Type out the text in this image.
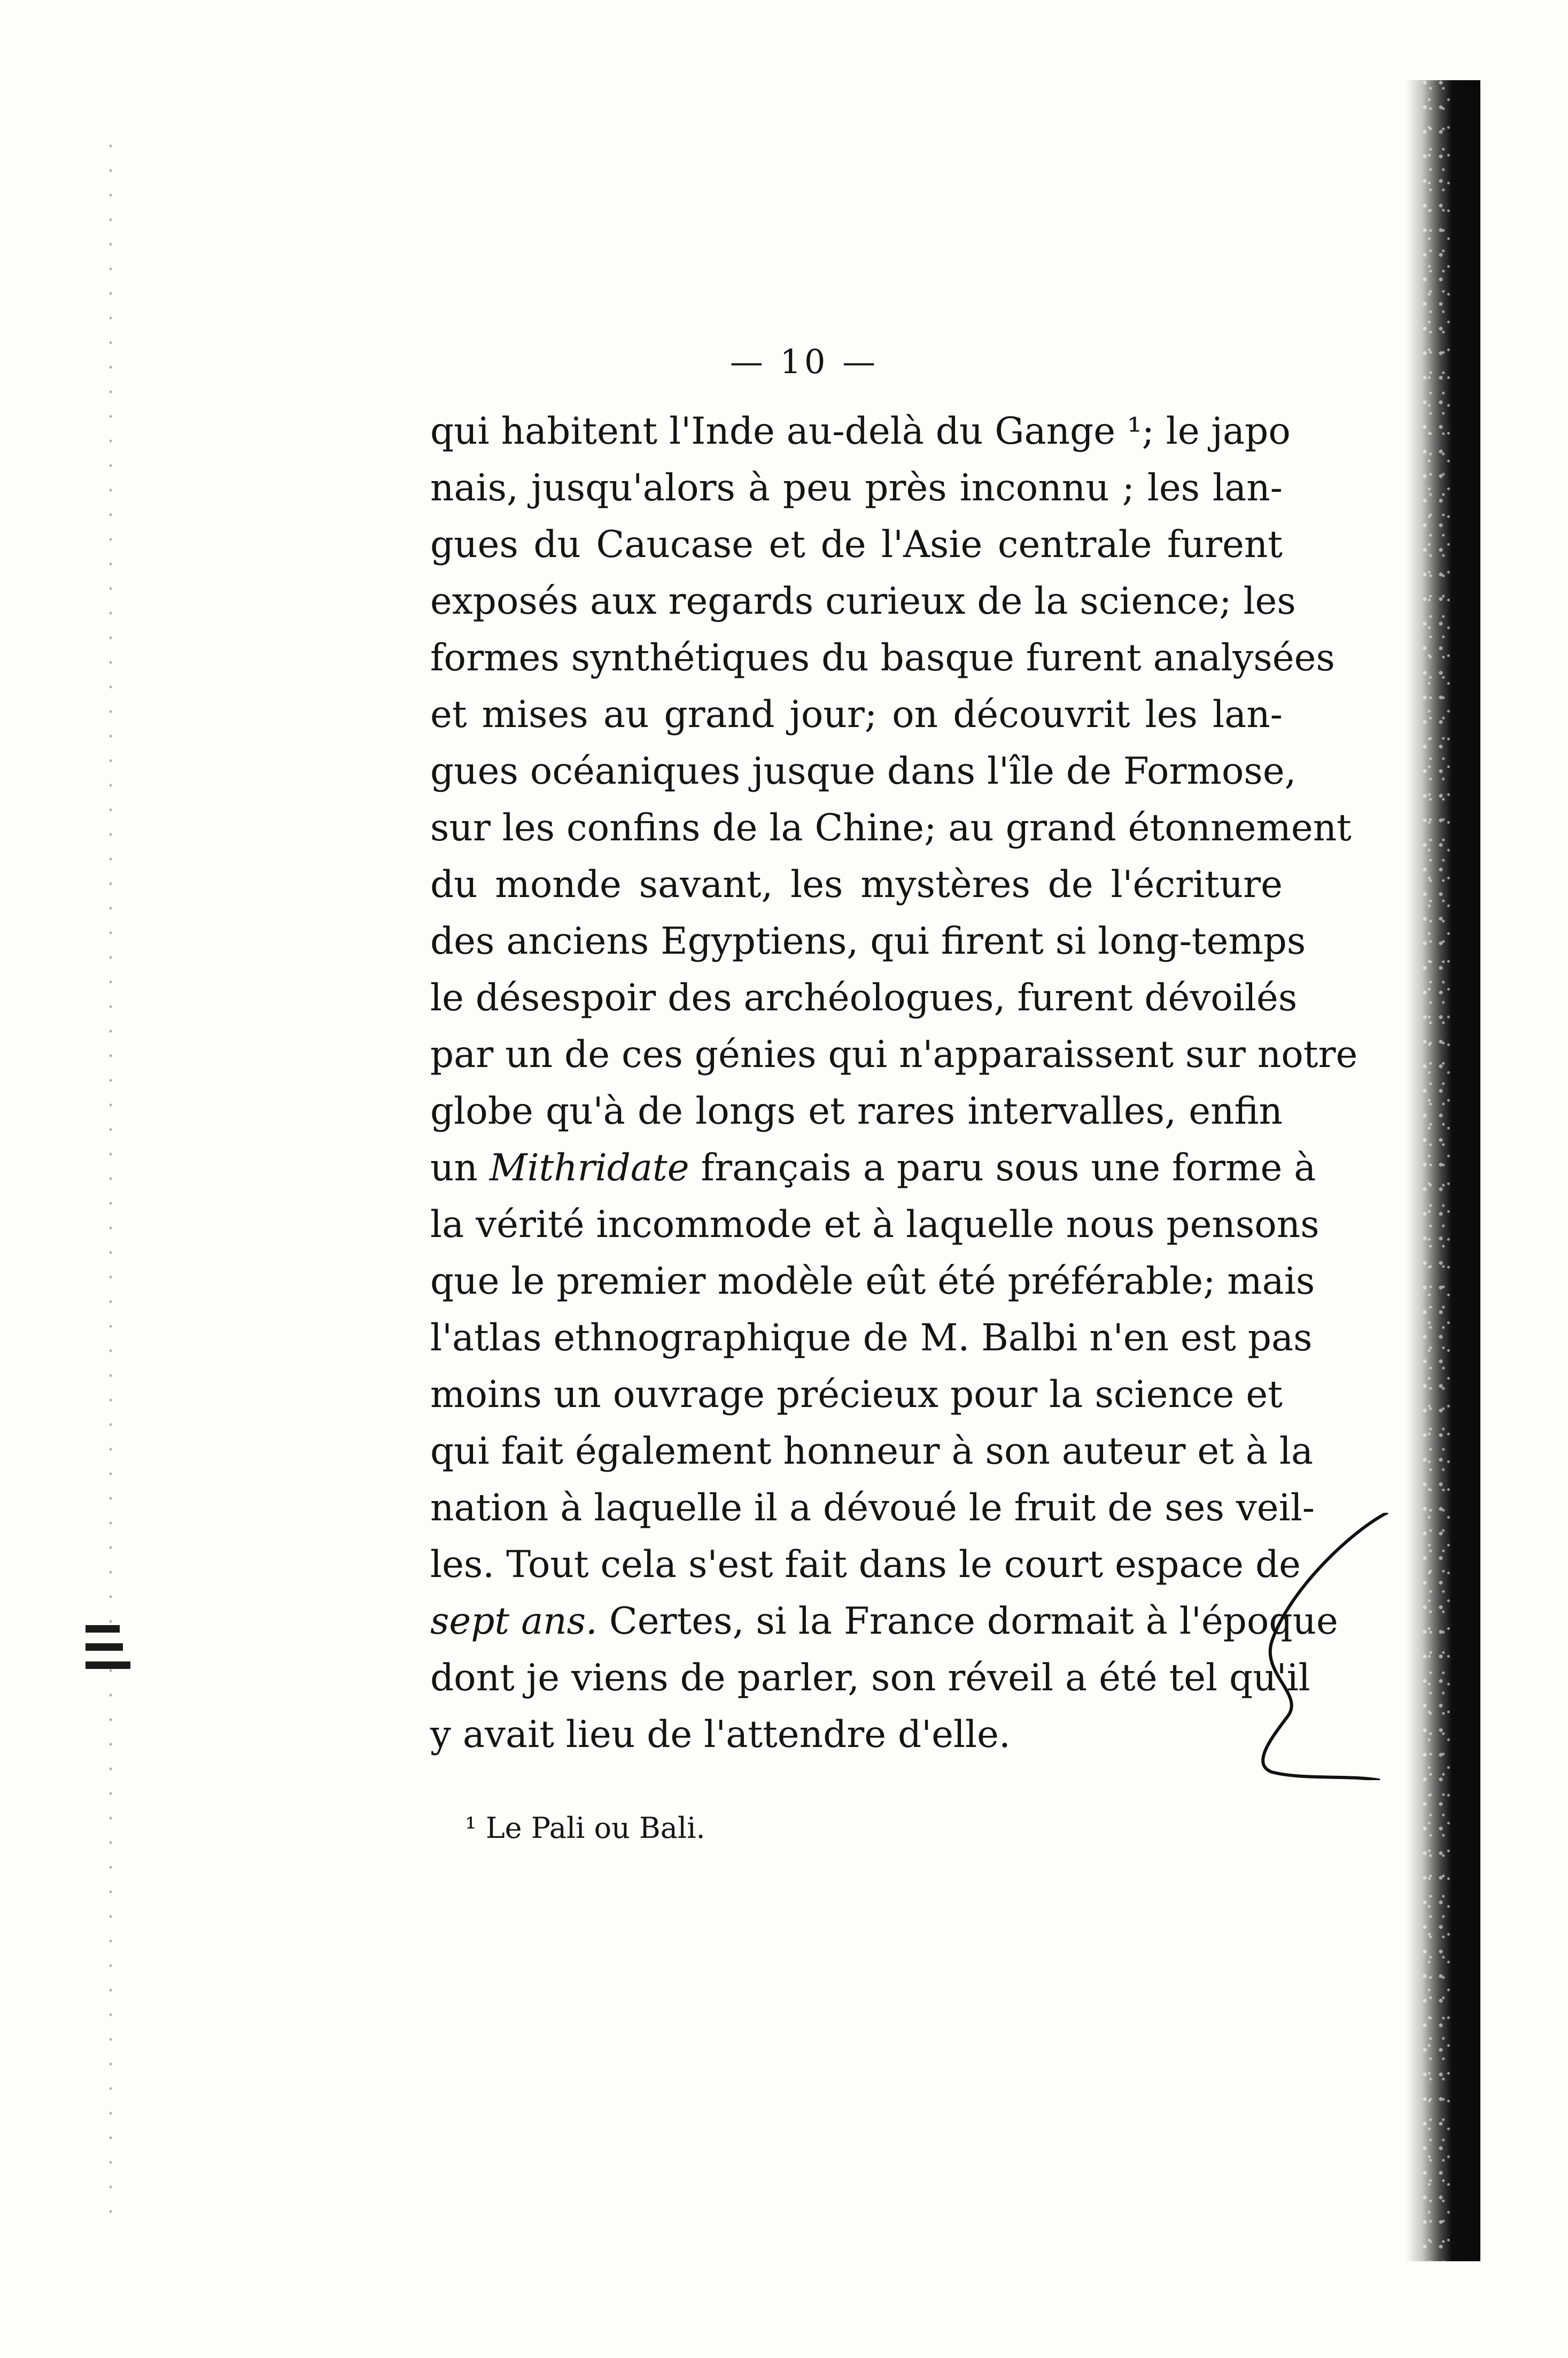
— 10 —
qui habitent l'Inde au-delà du Gange ¹; le japo
nais, jusqu'alors à peu près inconnu ; les lan-
gues du Caucase et de l'Asie centrale furent
exposés aux regards curieux de la science; les
formes synthétiques du basque furent analysées
et mises au grand jour; on découvrit les lan-
gues océaniques jusque dans l'île de Formose,
sur les confins de la Chine; au grand étonnement
du monde savant, les mystères de l'écriture
des anciens Egyptiens, qui firent si long-temps
le désespoir des archéologues, furent dévoilés
par un de ces génies qui n'apparaissent sur notre
globe qu'à de longs et rares intervalles, enfin
un Mithridate français a paru sous une forme à
la vérité incommode et à laquelle nous pensons
que le premier modèle eût été préférable; mais
l'atlas ethnographique de M. Balbi n'en est pas
moins un ouvrage précieux pour la science et
qui fait également honneur à son auteur et à la
nation à laquelle il a dévoué le fruit de ses veil-
les. Tout cela s'est fait dans le court espace de
sept ans. Certes, si la France dormait à l'époque
dont je viens de parler, son réveil a été tel qu'il
y avait lieu de l'attendre d'elle.
¹ Le Pali ou Bali.
